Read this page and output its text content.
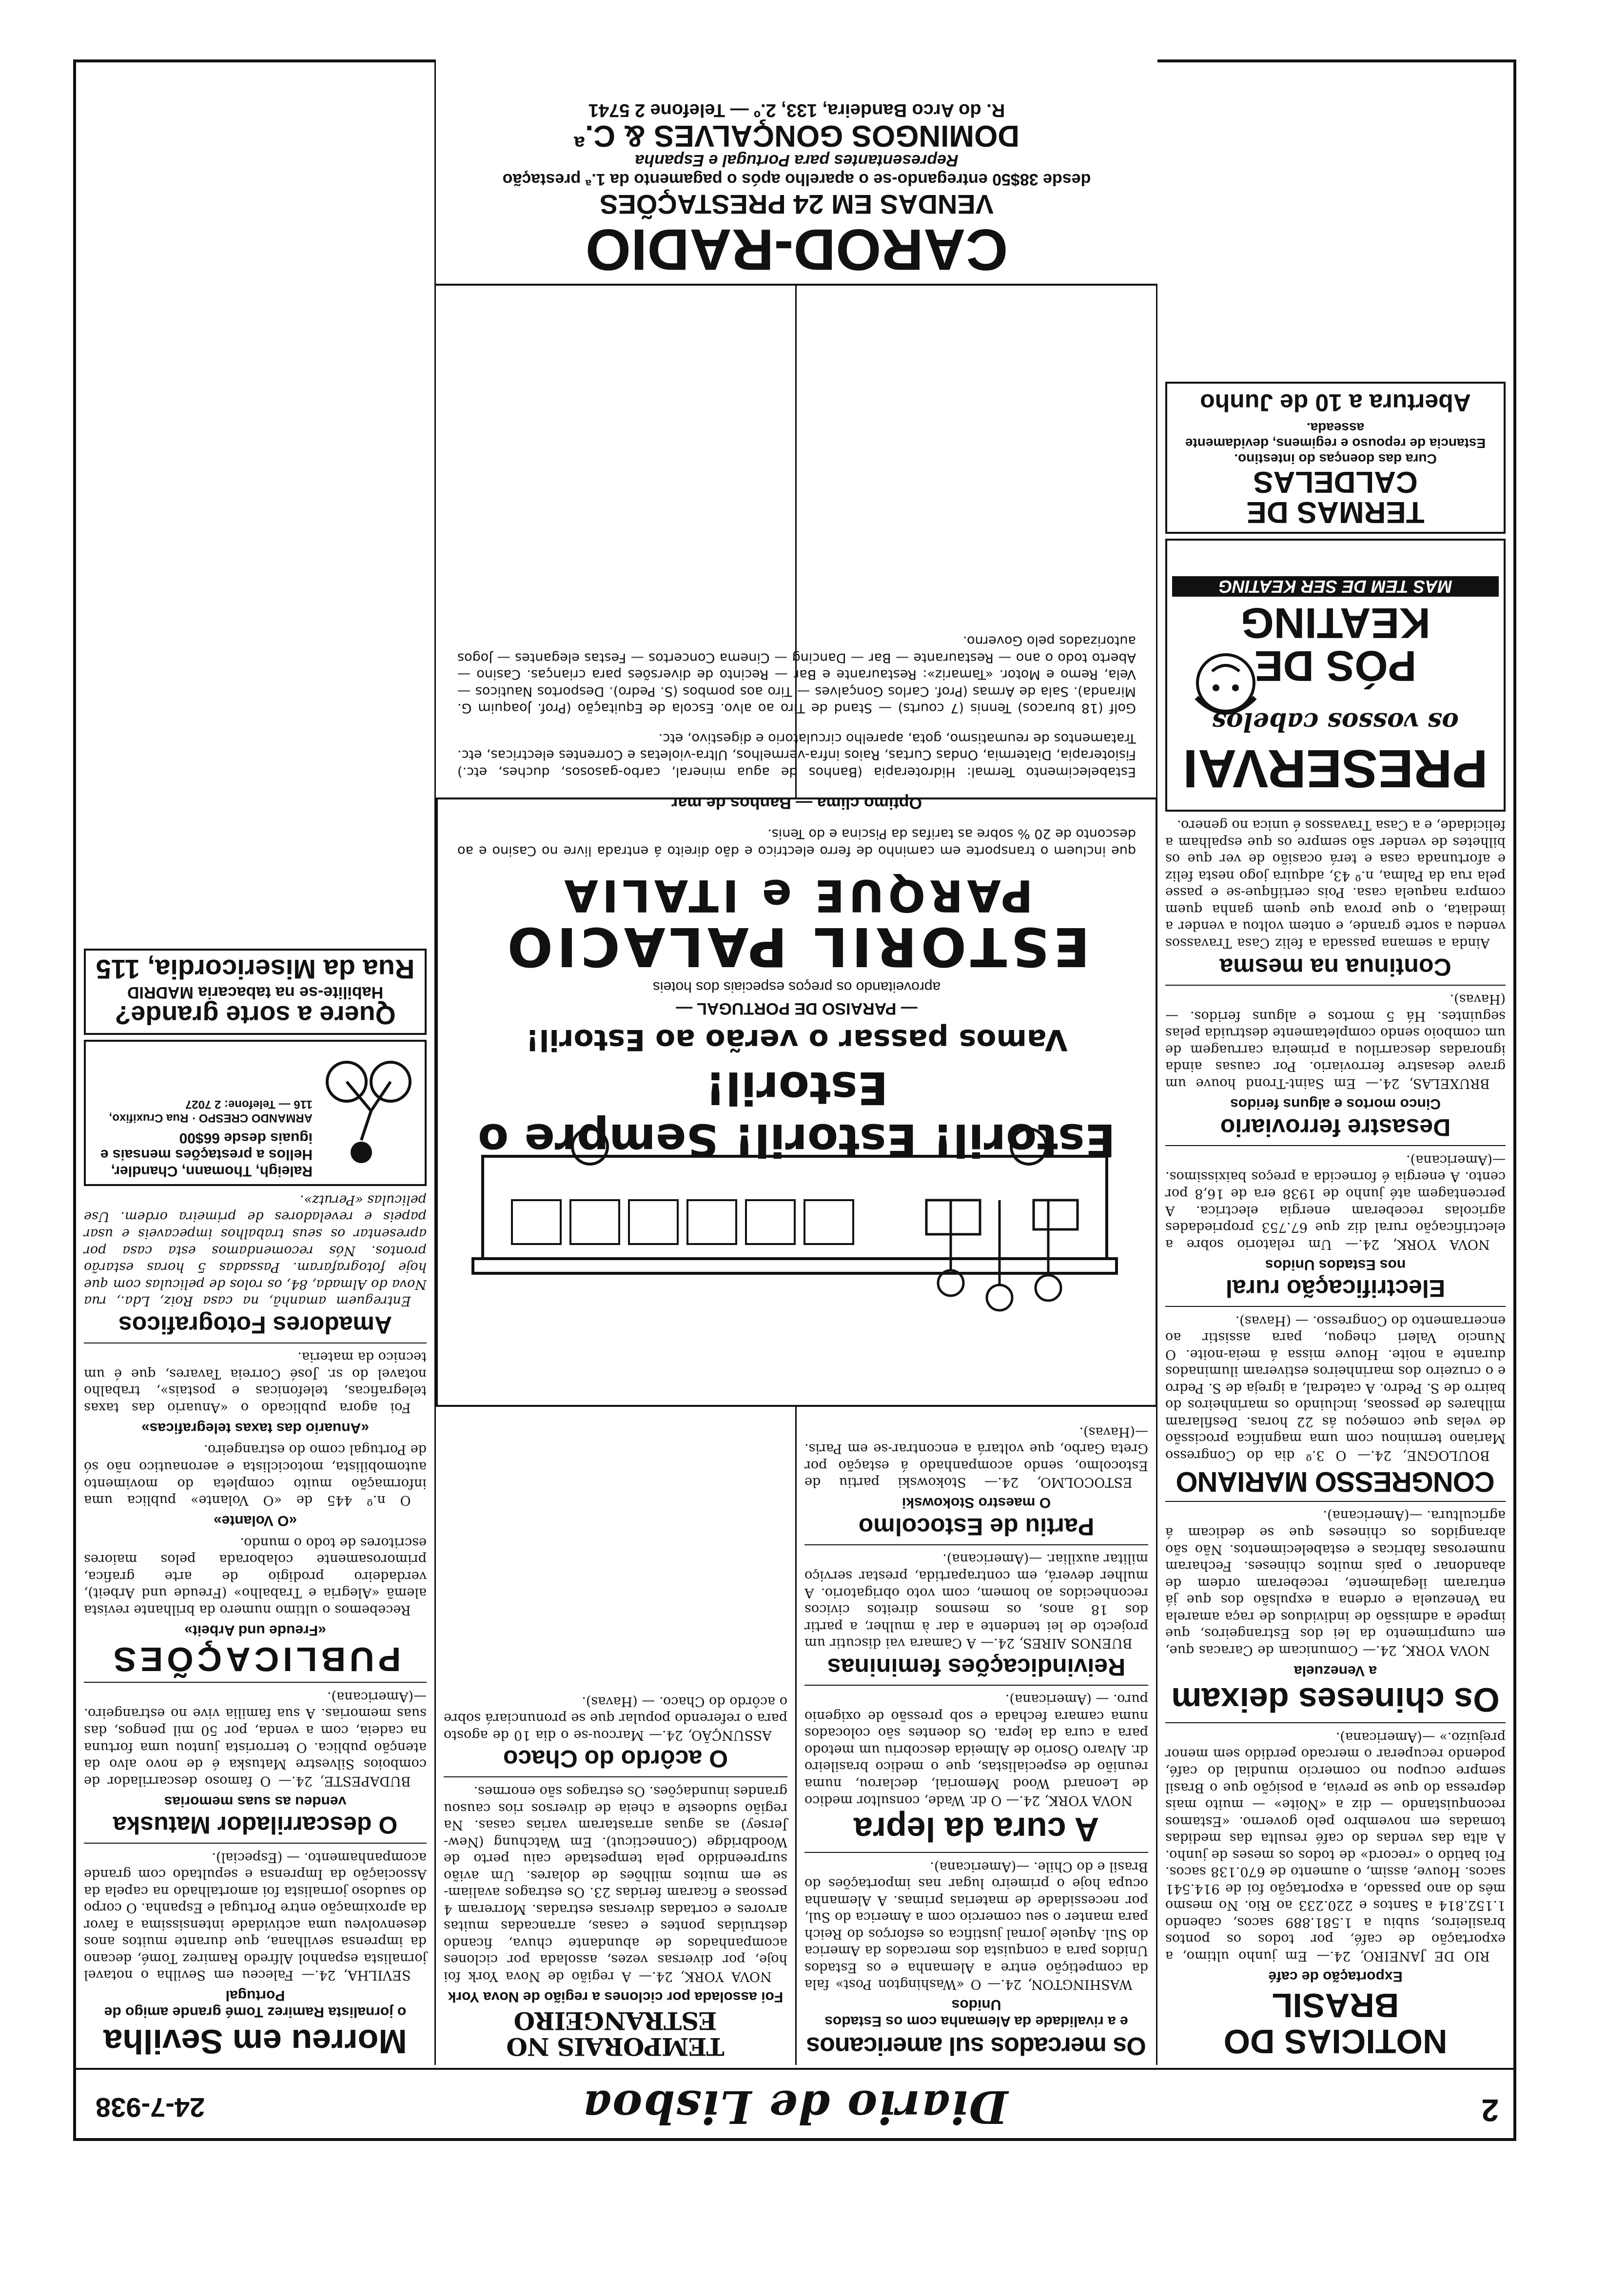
2
Diario de Lisboa
24-7-938
NOTICIAS DO BRASIL
Exportação de café

RIO DE JANEIRO, 24.— Em junho ultimo, a exportação de café, por todos os pontos brasileiros, subiu a 1.581.889 sacos, cabendo 1.152.814 a Santos e 220.233 ao Rio. No mesmo mês do ano passado, a exportação foi de 914.541 sacos. Houve, assim, o aumento de 670.138 sacos. Foi batido o «record» de todos os meses de junho. A alta das vendas do café resulta das medidas tomadas em novembro pelo governo. «Estamos reconquistando — diz a «Noite» — muito mais depressa do que se previa, a posição que o Brasil sempre ocupou no comercio mundial do café, podendo recuperar o mercado perdido sem menor prejuizo.» —(Americana).

Os chineses deixam
a Venezuela

NOVA YORK, 24.— Comunicam de Caracas que, em cumprimento da lei dos Estrangeiros, que impede a admissão de individuos de raça amarela na Venezuela e ordena a expulsão dos que já entraram ilegalmente, receberam ordem de abandonar o país muitos chineses. Fecharam numerosas fabricas e estabelecimentos. Não são abrangidos os chineses que se dedicam á agricultura. —(Americana).

CONGRESSO MARIANO

BOULOGNE, 24.— O 3.º dia do Congresso Mariano terminou com uma magnifica procissão de velas que começou ás 22 horas. Desfilaram milhares de pessoas, incluindo os marinheiros do bairro de S. Pedro. A catedral, a igreja de S. Pedro e o cruzeiro dos marinheiros estiveram iluminados durante a noite. Houve missa á meia-noite. O Nuncio Valeri chegou, para assistir ao encerramento do Congresso. — (Havas).

Electrificação rural
nos Estados Unidos

NOVA YORK, 24.— Um relatorio sobre a electrificação rural diz que 67.753 propriedades agricolas receberam energia electrica. A percentagem até junho de 1938 era de 16,8 por cento. A energia é fornecida a preços baixissimos. —(Americana).

Desastre ferroviario
Cinco mortos e alguns feridos

BRUXELAS, 24.— Em Saint-Trond houve um grave desastre ferroviario. Por causas ainda ignoradas descarrilou a primeira carruagem de um comboio sendo completamente destruida pelas seguintes. Há 5 mortos e alguns feridos. — (Havas).

Continua na mesma

Ainda a semana passada a feliz Casa Travassos vendeu a sorte grande, e ontem voltou a vender a imediata, o que prova que quem ganha quem compra naquela casa. Pois certifique-se e passe pela rua da Palma, n.º 43, adquira jogo nesta feliz e afortunada casa e terá ocasião de ver que os bilhetes de vender são sempre os que espalham a felicidade, e a Casa Travassos é unica no genero.

PRESERVAI
os vossos cabelos
PÓS DE KEATING
MAS TEM DE SER KEATING
TERMAS DE CALDELAS
Cura das doenças do intestino.
Estancia de repouso e regimens, devidamente asseada.
Abertura a 10 de Junho
Os mercados sul americanos
e a rivalidade da Alemanha com os Estados Unidos

WASHINGTON, 24.— O «Washington Post» fala da competição entre a Alemanha e os Estados Unidos para a conquista dos mercados da America do Sul. Aquele jornal justifica os esforços do Reich para manter o seu comercio com a America do Sul, por necessidade de materias primas. A Alemanha ocupa hoje o primeiro lugar nas importações do Brasil e do Chile. —(Americana).

A cura da lepra

NOVA YORK, 24.— O dr. Wade, consultor medico de Leonard Wood Memorial, declarou, numa reunião de especialistas, que o medico brasileiro dr. Alvaro Osorio de Almeida descobriu um metodo para a cura da lepra. Os doentes são colocados numa camara fechada e sob pressão de oxigenio puro. — (Americana).

Reivindicações femininas

BUENOS AIRES, 24.— A Camara vai discutir um projecto de lei tendente a dar à mulher, a partir dos 18 anos, os mesmos direitos civicos reconhecidos ao homem, com voto obrigatorio. A mulher deverá, em contrapartida, prestar serviço militar auxiliar. —(Americana).

Partiu de Estocolmo
O maestro Stokowski

ESTOCOLMO, 24.— Stokowski partiu de Estocolmo, sendo acompanhado á estação por Greta Garbo, que voltará a encontrar-se em Paris. —(Havas).

TEMPORAIS NO ESTRANGEIRO
Foi assolada por ciclones a região de Nova York

NOVA YORK, 24.— A região de Nova York foi hoje, por diversas vezes, assolada por ciclones acompanhados de abundante chuva, ficando destruidas pontes e casas, arrancadas muitas arvores e cortadas diversas estradas. Morreram 4 pessoas e ficaram feridas 23. Os estragos avaliam-se em muitos milhões de dolares. Um avião surpreendido pela tempestade caiu perto de Woodbridge (Connecticut). Em Watchung (New-Jersey) as aguas arrastaram varias casas. Na região sudoeste a cheia de diversos rios causou grandes inundações. Os estragos são enormes.

O acôrdo do Chaco

ASSUNÇÃO, 24.— Marcou-se o dia 10 de agosto para o referendo popular que se pronunciará sobre o acôrdo do Chaco. — (Havas).

Morreu em Sevilha
o jornalista Ramirez Tomé grande amigo de Portugal

SEVILHA, 24.— Faleceu em Sevilha o notavel jornalista espanhol Alfredo Ramirez Tomé, decano da imprensa sevilhana, que durante muitos anos desenvolveu uma actividade intensissima a favor da aproximação entre Portugal e Espanha. O corpo do saudoso jornalista foi amortalhado na capela da Associação da Imprensa e sepultado com grande acompanhamento. — (Especial).

O descarrilador Matuska
vendeu as suas memorias

BUDAPESTE, 24.— O famoso descarrilador de comboios Silvestre Matuska é de novo alvo da atenção publica. O terrorista juntou uma fortuna na cadeia, com a venda, por 50 mil pengos, das suas memorias. A sua familia vive no estrangeiro. —(Americana).

PUBLICAÇÕES
«Freude und Arbeit»

Recebemos o ultimo numero da brilhante revista alemã «Alegria e Trabalho» (Freude und Arbeit), verdadeiro prodigio de arte grafica, primorosamente colaborada pelos maiores escritores de todo o mundo.

«O Volante»

O n.º 445 de «O Volante» publica uma informação muito completa do movimento automobilista, motociclista e aeronautico não só de Portugal como do estrangeiro.

«Anuario das taxas telegraficas»

Foi agora publicado o «Anuario das taxas telegraficas, telefonicas e postais», trabalho notavel do sr. José Correia Tavares, que é um tecnico da materia.

Amadores Fotograficos

Entreguem amanhã, na casa Roiz, Lda., rua Nova do Almada, 84, os rolos de peliculas com que hoje fotografaram. Passadas 5 horas estarão prontos. Nós recomendamos esta casa por apresentar os seus trabalhos impecaveis e usar papeis e reveladores de primeira ordem. Use peliculas «Perutz».

Raleigh, Thomann, Chandler, Hellos a prestações mensais e iguais desde 66$00
ARMANDO CRESPO · Rua Cruxifixo, 116 — Telefone: 2 7027
Quere a sorte grande?
Habilite-se na tabacaria MADRID
Rua da Misericordia, 115
Estoril! Estoril! Sempre o Estoril!
Vamos passar o verão ao Estoril!
— PARAISO DE PORTUGAL —
aproveitando os preços especiais dos hoteis
ESTORIL PALACIO
PARQUE e ITALIA

que incluem o transporte em caminho de ferro electrico e dão direito á entrada livre no Casino e ao desconto de 20 % sobre as tarifas da Piscina e do Tenis.

Optimo clima — Banhos de mar

Estabelecimento Termal: Hidroterapia (Banhos de agua mineral, carbo-gasosos, duches, etc.) Fisioterapia, Diatermia, Ondas Curtas, Raios infra-vermelhos, Ultra-violetas e Correntes electricas, etc. Tratamentos de reumatismo, gota, aparelho circulatorio e digestivo, etc.

Golf (18 buracos) Tennis (7 courts) — Stand de Tiro ao alvo. Escola de Equitação (Prof. Joaquim G. Miranda). Sala de Armas (Prof. Carlos Gonçalves — Tiro aos pombos (S. Pedro). Desportos Nauticos — Vela, Remo e Motor. «Tamariz»: Restaurante e Bar — Recinto de diversões para crianças. Casino — Aberto todo o ano — Restaurante — Bar — Dancing — Cinema Concertos — Festas elegantes — Jogos autorizados pelo Governo.

CAROD-RADIO
VENDAS EM 24 PRESTAÇÕES
desde 38$50 entregando-se o aparelho após o pagamento da 1.ª prestação
Representantes para Portugal e Espanha
DOMINGOS GONÇALVES & C.ª
R. do Arco Bandeira, 133, 2.º — Telefone 2 5741
